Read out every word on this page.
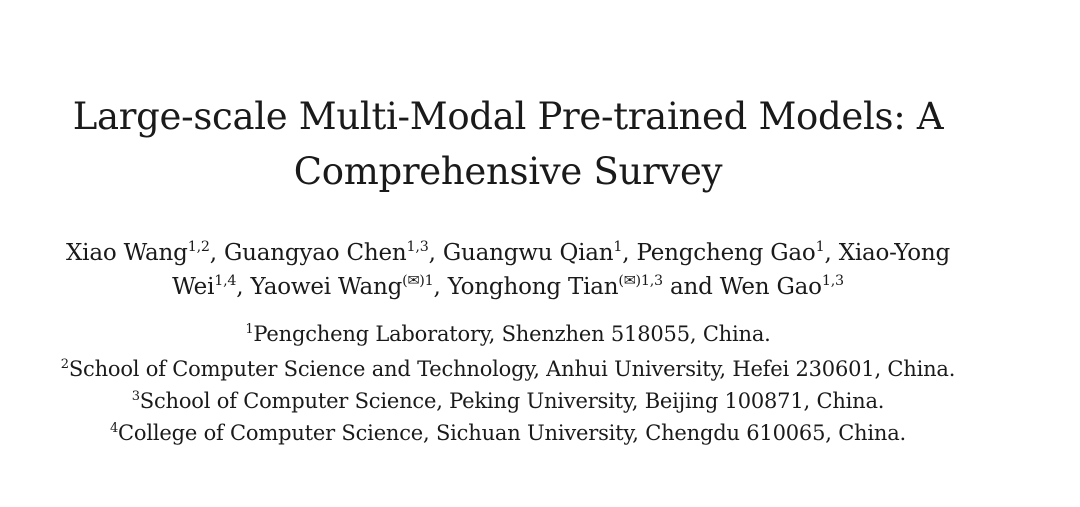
Large-scale Multi-Modal Pre-trained Models: A
Comprehensive Survey
Xiao Wang$^{1,2}$, Guangyao Chen$^{1,3}$, Guangwu Qian$^1$, Pengcheng Gao$^1$, Xiao-Yong
Wei$^{1,4}$, Yaowei Wang$^{(✉)1}$, Yonghong Tian$^{(✉)1,3}$ and Wen Gao$^{1,3}$
$^1$Pengcheng Laboratory, Shenzhen 518055, China.
$^2$School of Computer Science and Technology, Anhui University, Hefei 230601, China.
$^3$School of Computer Science, Peking University, Beijing 100871, China.
$^4$College of Computer Science, Sichuan University, Chengdu 610065, China.
